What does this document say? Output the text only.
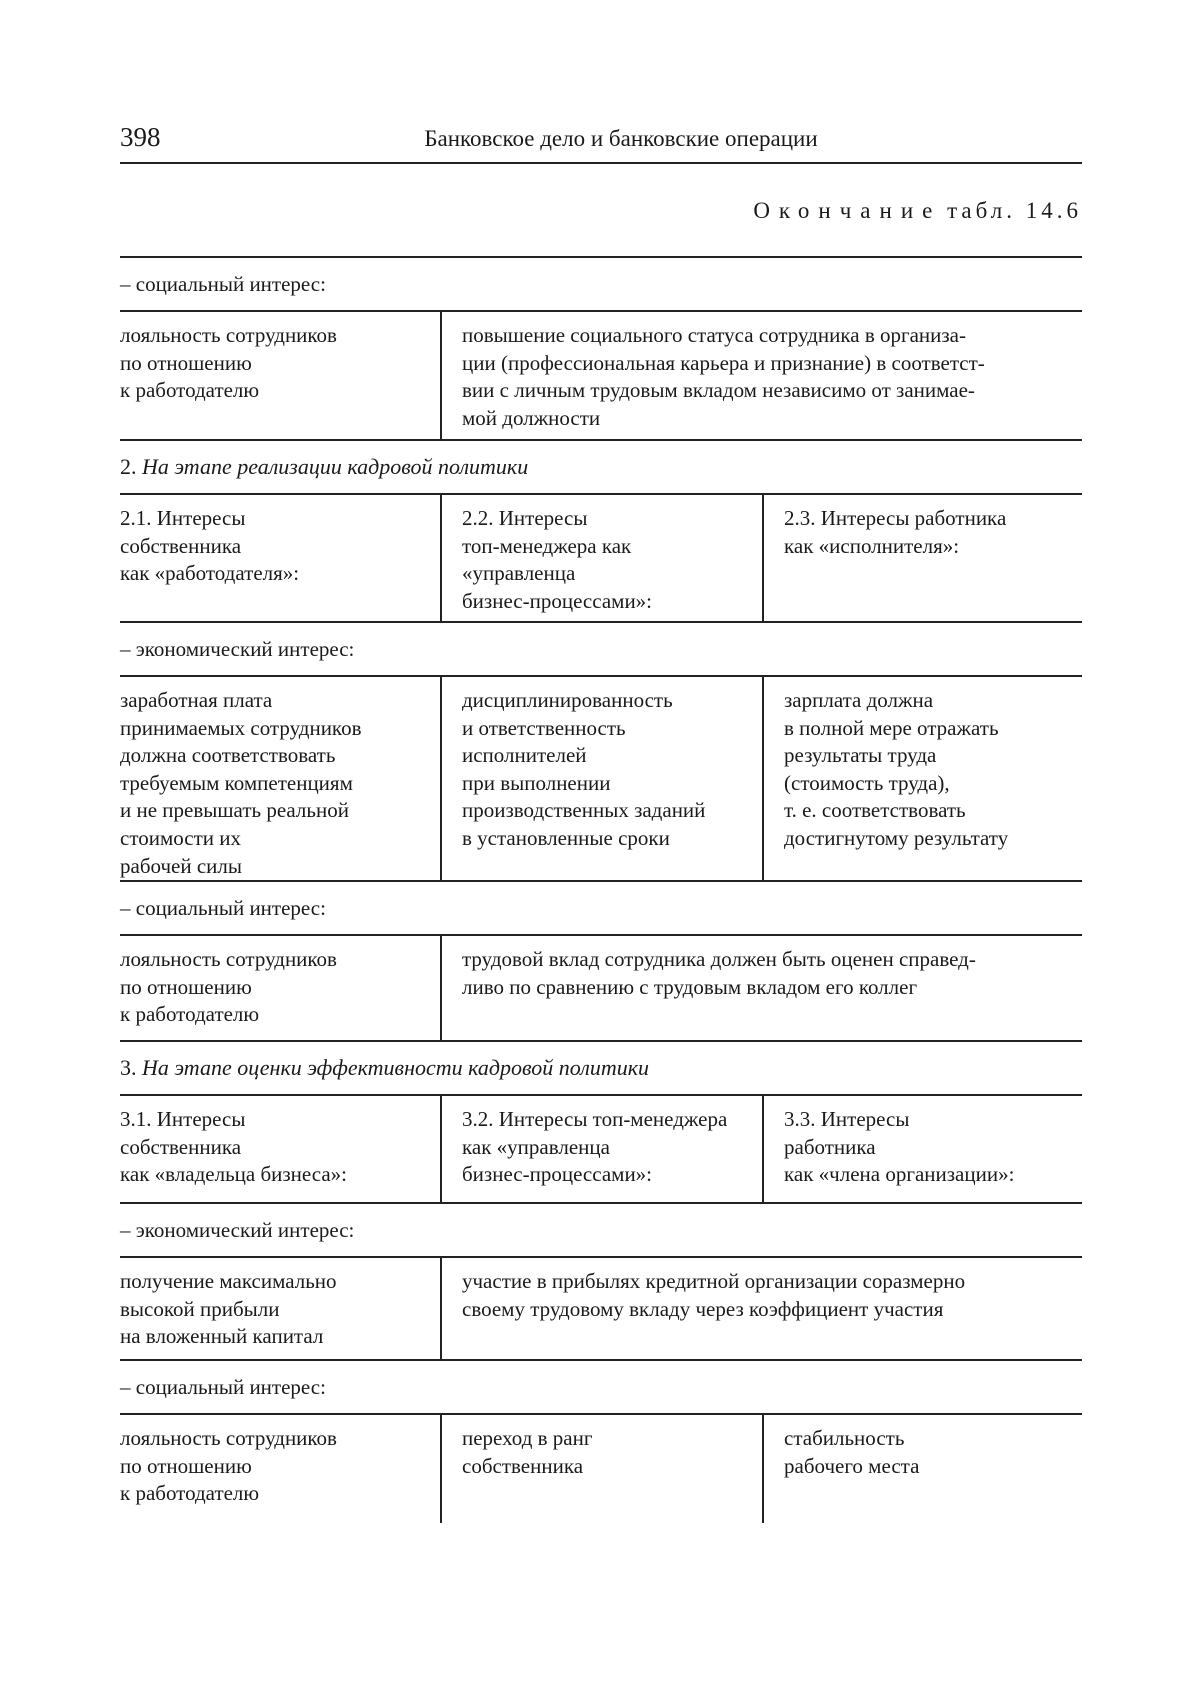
398	Банковское дело и банковские операции
Окончание табл. 14.6
– социальный интерес:
лояльность сотрудников
по отношению
к работодателю
повышение социального статуса сотрудника в организа-
ции (профессиональная карьера и признание) в соответст-
вии с личным трудовым вкладом независимо от занимае-
мой должности
2.
На этапе реализации кадровой политики
2.1. Интересы
собственника
как «работодателя»:
2.2. Интересы
топ-менеджера как
«управленца
бизнес-процессами»:
2.3. Интересы работника
как «исполнителя»:
– экономический интерес:
заработная плата
принимаемых сотрудников
должна соответствовать
требуемым компетенциям
и не превышать реальной
стоимости их
рабочей силы
дисциплинированность
и ответственность
исполнителей
при выполнении
производственных заданий
в установленные сроки
зарплата должна
в полной мере отражать
результаты труда
(стоимость труда),
т. е. соответствовать
достигнутому результату
– социальный интерес:
лояльность сотрудников
по отношению
к работодателю
трудовой вклад сотрудника должен быть оценен справед-
ливо по сравнению с трудовым вкладом его коллег
3.
На этапе оценки эффективности кадровой политики
3.1. Интересы
собственника
как «владельца бизнеса»:
3.2. Интересы топ-менеджера
как «управленца
бизнес-процессами»:
3.3. Интересы
работника
как «члена организации»:
– экономический интерес:
получение максимально
высокой прибыли
на вложенный капитал
участие в прибылях кредитной организации соразмерно
своему трудовому вкладу через коэффициент участия
– социальный интерес:
лояльность сотрудников
по отношению
к работодателю
переход в ранг
собственника
стабильность
рабочего места
